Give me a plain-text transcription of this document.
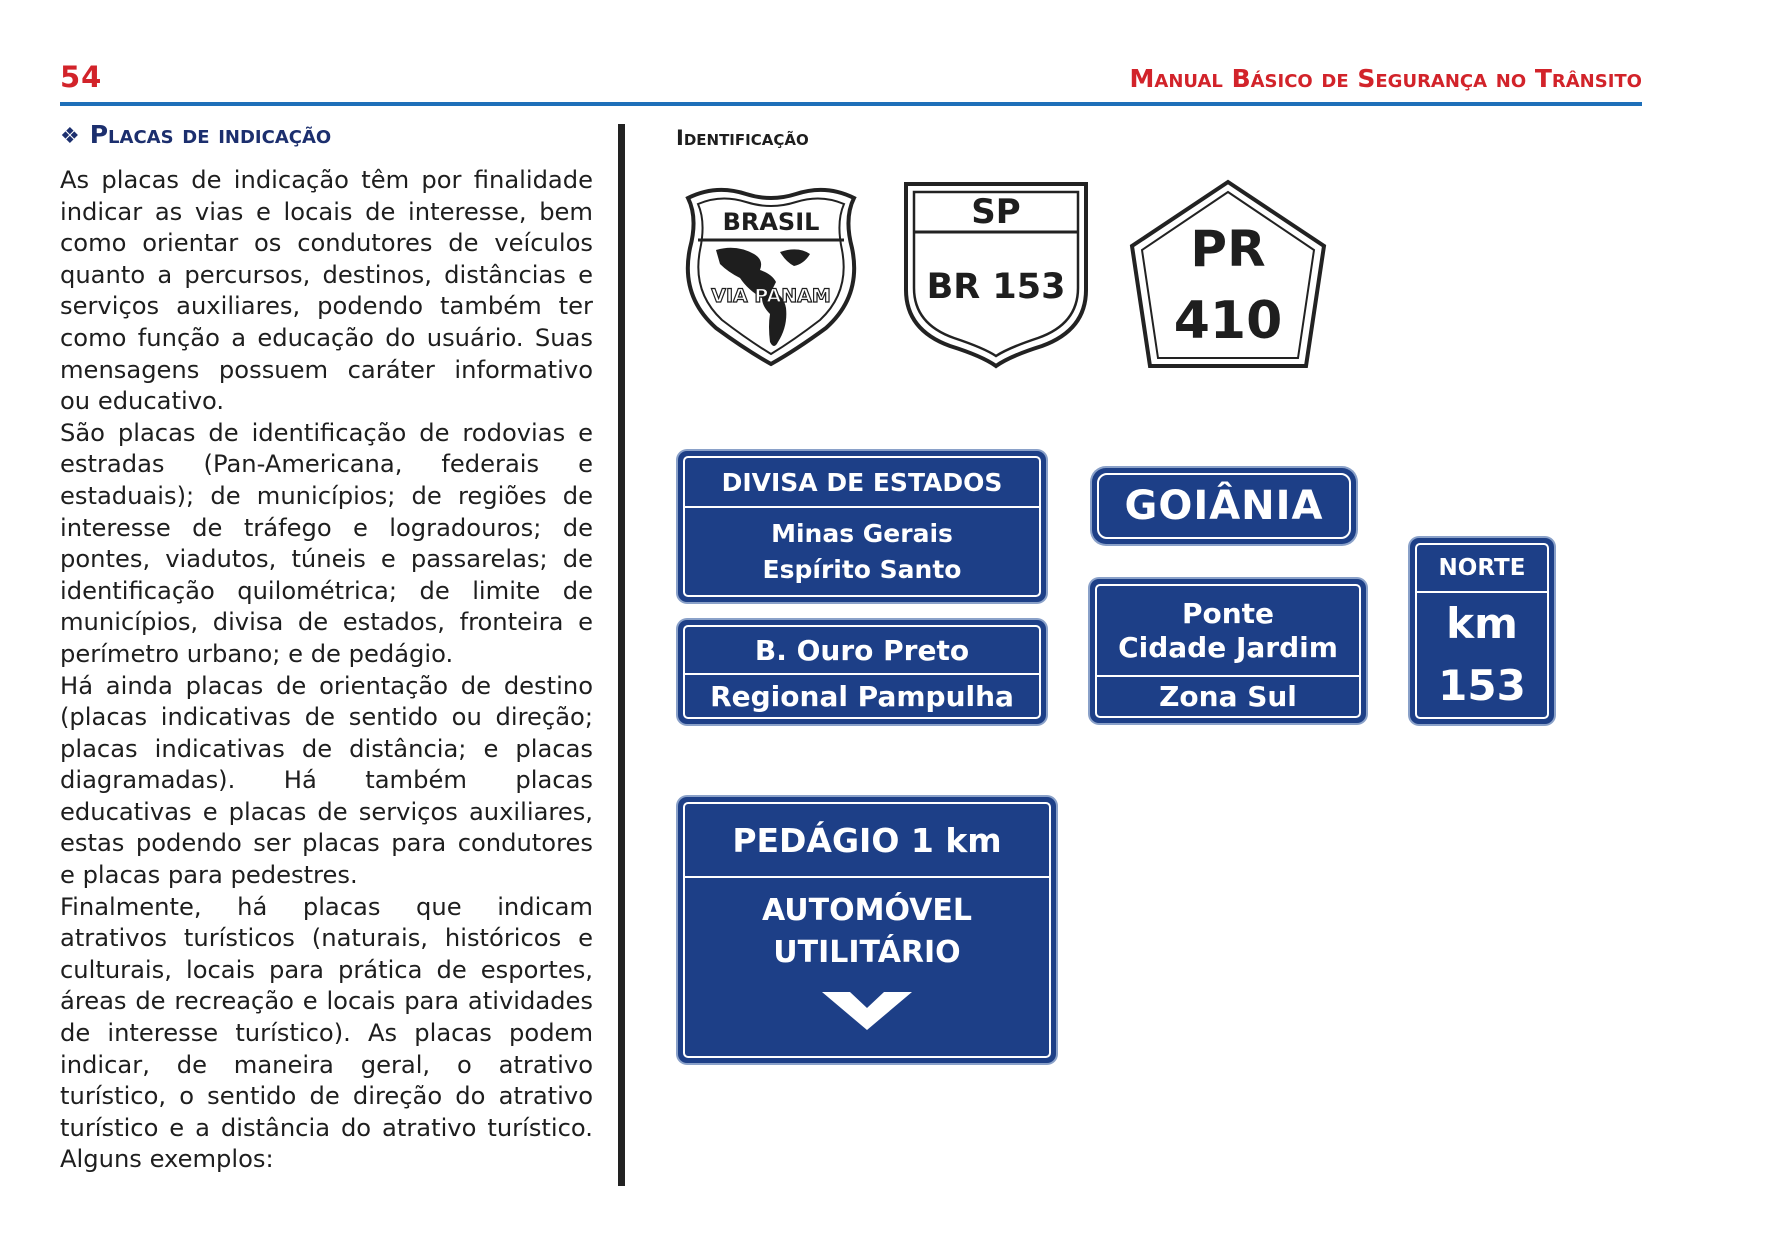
54	Manual Básico de Segurança no Trânsito
❖ Placas de indicação

As placas de indicação têm por finalidade indicar as vias e locais de interesse, bem como orientar os condutores de veículos quanto a percursos, destinos, distâncias e serviços auxiliares, podendo também ter como função a educação do usuário. Suas mensagens possuem caráter informativo ou educativo.

São placas de identificação de rodovias e estradas (Pan-Americana, federais e estaduais); de municípios; de regiões de interesse de tráfego e logradouros; de pontes, viadutos, túneis e passarelas; de identificação quilométrica; de limite de municípios, divisa de estados, fronteira e perímetro urbano; e de pedágio.

Há ainda placas de orientação de destino (placas indicativas de sentido ou direção; placas indicativas de distância; e placas diagramadas). Há também placas educativas e placas de serviços auxiliares, estas podendo ser placas para condutores e placas para pedestres.

Finalmente, há placas que indicam atrativos turísticos (naturais, históricos e culturais, locais para prática de esportes, áreas de recreação e locais para atividades de interesse turístico). As placas podem indicar, de maneira geral, o atrativo turístico, o sentido de direção do atrativo turístico e a distância do atrativo turístico. Alguns exemplos:

Identificação
BRASIL
VIA PANAM
SP
BR 153
PR
410
DIVISA DE ESTADOS
Minas Gerais
Espírito Santo
B. Ouro Preto
Regional Pampulha
GOIÂNIA
Ponte
Cidade Jardim
Zona Sul
NORTE
km
153
PEDÁGIO 1 km
AUTOMÓVEL
UTILITÁRIO
